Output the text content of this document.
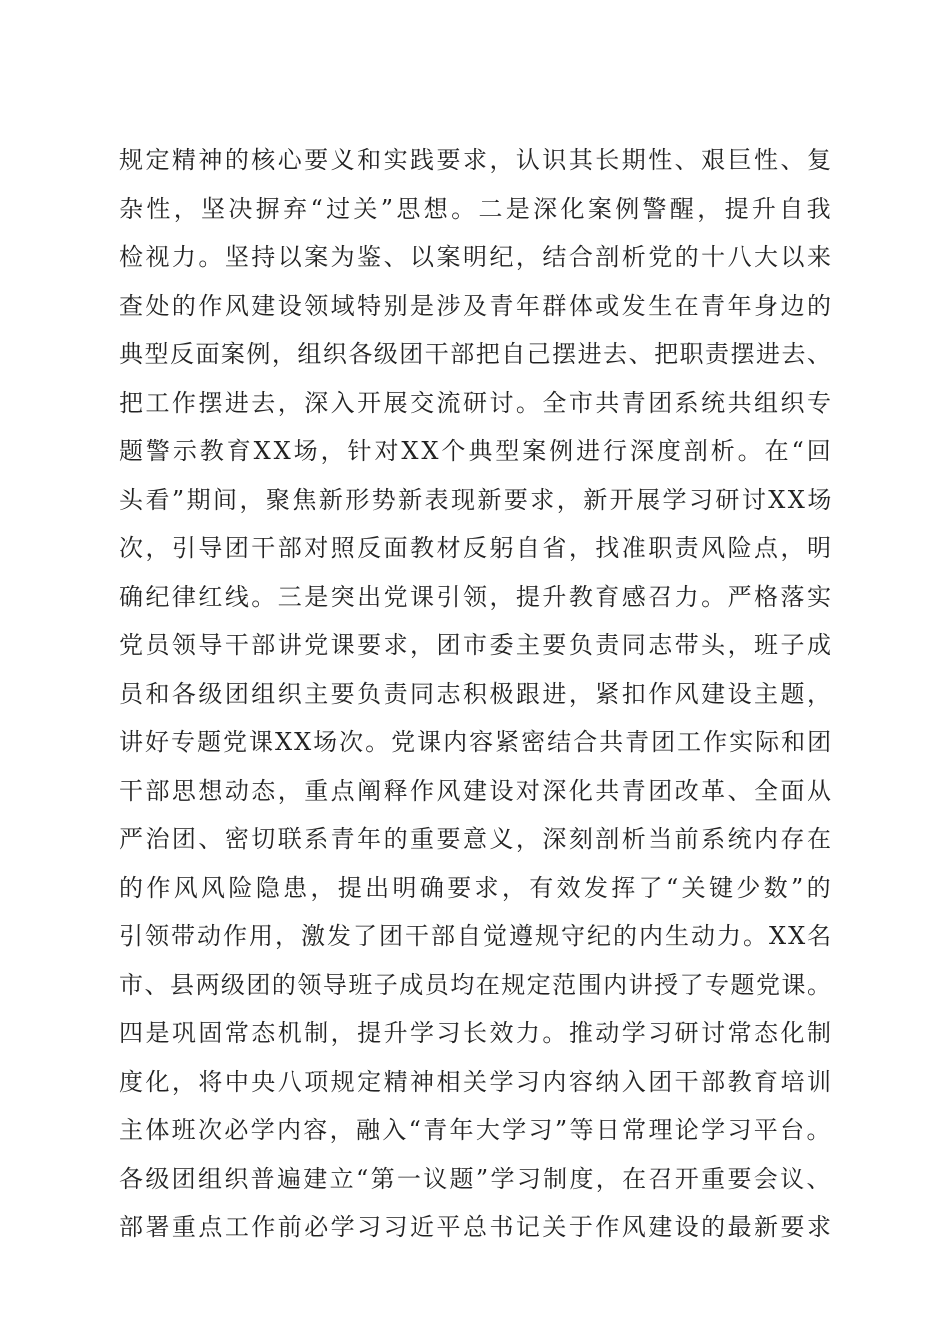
规定精神的核心要义和实践要求，认识其长期性、艰巨性、复
杂性，坚决摒弃“过关”思想。二是深化案例警醒，提升自我
检视力。坚持以案为鉴、以案明纪，结合剖析党的十八大以来
查处的作风建设领域特别是涉及青年群体或发生在青年身边的
典型反面案例，组织各级团干部把自己摆进去、把职责摆进去、
把工作摆进去，深入开展交流研讨。全市共青团系统共组织专
题警示教育XX场，针对XX个典型案例进行深度剖析。在“回
头看”期间，聚焦新形势新表现新要求，新开展学习研讨XX场
次，引导团干部对照反面教材反躬自省，找准职责风险点，明
确纪律红线。三是突出党课引领，提升教育感召力。严格落实
党员领导干部讲党课要求，团市委主要负责同志带头，班子成
员和各级团组织主要负责同志积极跟进，紧扣作风建设主题，
讲好专题党课XX场次。党课内容紧密结合共青团工作实际和团
干部思想动态，重点阐释作风建设对深化共青团改革、全面从
严治团、密切联系青年的重要意义，深刻剖析当前系统内存在
的作风风险隐患，提出明确要求，有效发挥了“关键少数”的
引领带动作用，激发了团干部自觉遵规守纪的内生动力。XX名
市、县两级团的领导班子成员均在规定范围内讲授了专题党课。
四是巩固常态机制，提升学习长效力。推动学习研讨常态化制
度化，将中央八项规定精神相关学习内容纳入团干部教育培训
主体班次必学内容，融入“青年大学习”等日常理论学习平台。
各级团组织普遍建立“第一议题”学习制度，在召开重要会议、
部署重点工作前必学习习近平总书记关于作风建设的最新要求
